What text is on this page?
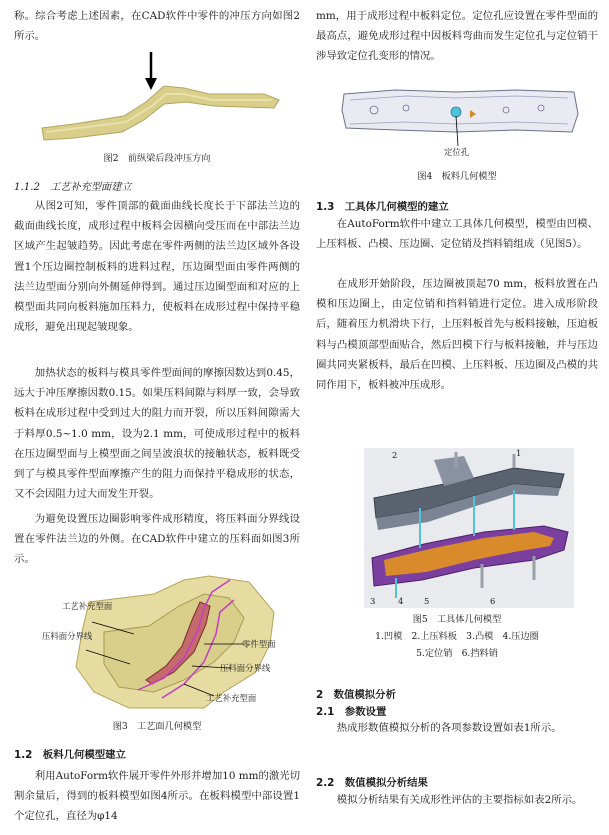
称。综合考虑上述因素，在CAD软件中零件的冲压方向如图2所示。
图2　前纵梁后段冲压方向
1.1.2　工艺补充型面建立
从图2可知，零件顶部的截面曲线长度长于下部法兰边的截面曲线长度，成形过程中板料会因横向受压而在中部法兰边区域产生起皱趋势。因此考虑在零件两侧的法兰边区域外各设置1个压边圈控制板料的进料过程，压边圈型面由零件两侧的法兰边型面分别向外侧延伸得到。通过压边圈型面和对应的上模型面共同向板料施加压料力，使板料在成形过程中保持平稳成形，避免出现起皱现象。
加热状态的板料与模具零件型面间的摩擦因数达到0.45，远大于冲压摩擦因数0.15。如果压料间隙与料厚一致，会导致板料在成形过程中受到过大的阻力而开裂，所以压料间隙需大于料厚0.5~1.0 mm，设为2.1 mm，可使成形过程中的板料在压边圈型面与上模型面之间呈波浪状的接触状态，板料既受到了与模具零件型面摩擦产生的阻力而保持平稳成形的状态，又不会因阻力过大而发生开裂。
为避免设置压边圈影响零件成形精度，将压料面分界线设置在零件法兰边的外侧。在CAD软件中建立的压料面如图3所示。
工艺补充型面
压料面分界线
零件型面
压料面分界线
工艺补充型面
图3　工艺面几何模型
1.2　板料几何模型建立
利用AutoForm软件展开零件外形并增加10 mm的激光切割余量后，得到的板料模型如图4所示。在板料模型中部设置1个定位孔，直径为φ14
mm，用于成形过程中板料定位。定位孔应设置在零件型面的最高点，避免成形过程中因板料弯曲而发生定位孔与定位销干涉导致定位孔变形的情况。
定位孔
图4　板料几何模型
1.3　工具体几何模型的建立
在AutoForm软件中建立工具体几何模型，模型由凹模、上压料板、凸模、压边圈、定位销及挡料销组成（见图5）。
在成形开始阶段，压边圈被顶起70 mm，板料放置在凸模和压边圈上，由定位销和挡料销进行定位。进入成形阶段后，随着压力机滑块下行，上压料板首先与板料接触，压迫板料与凸模顶部型面贴合，然后凹模下行与板料接触，并与压边圈共同夹紧板料，最后在凹模、上压料板、压边圈及凸模的共同作用下，板料被冲压成形。
2	1
3	4 5	6
图5　工具体几何模型
1.凹模　2.上压料板　3.凸模　4.压边圈
5.定位销　6.挡料销
2　数值模拟分析
2.1　参数设置
热成形数值模拟分析的各项参数设置如表1所示。
2.2　数值模拟分析结果
模拟分析结果有关成形性评估的主要指标如表2所示。
